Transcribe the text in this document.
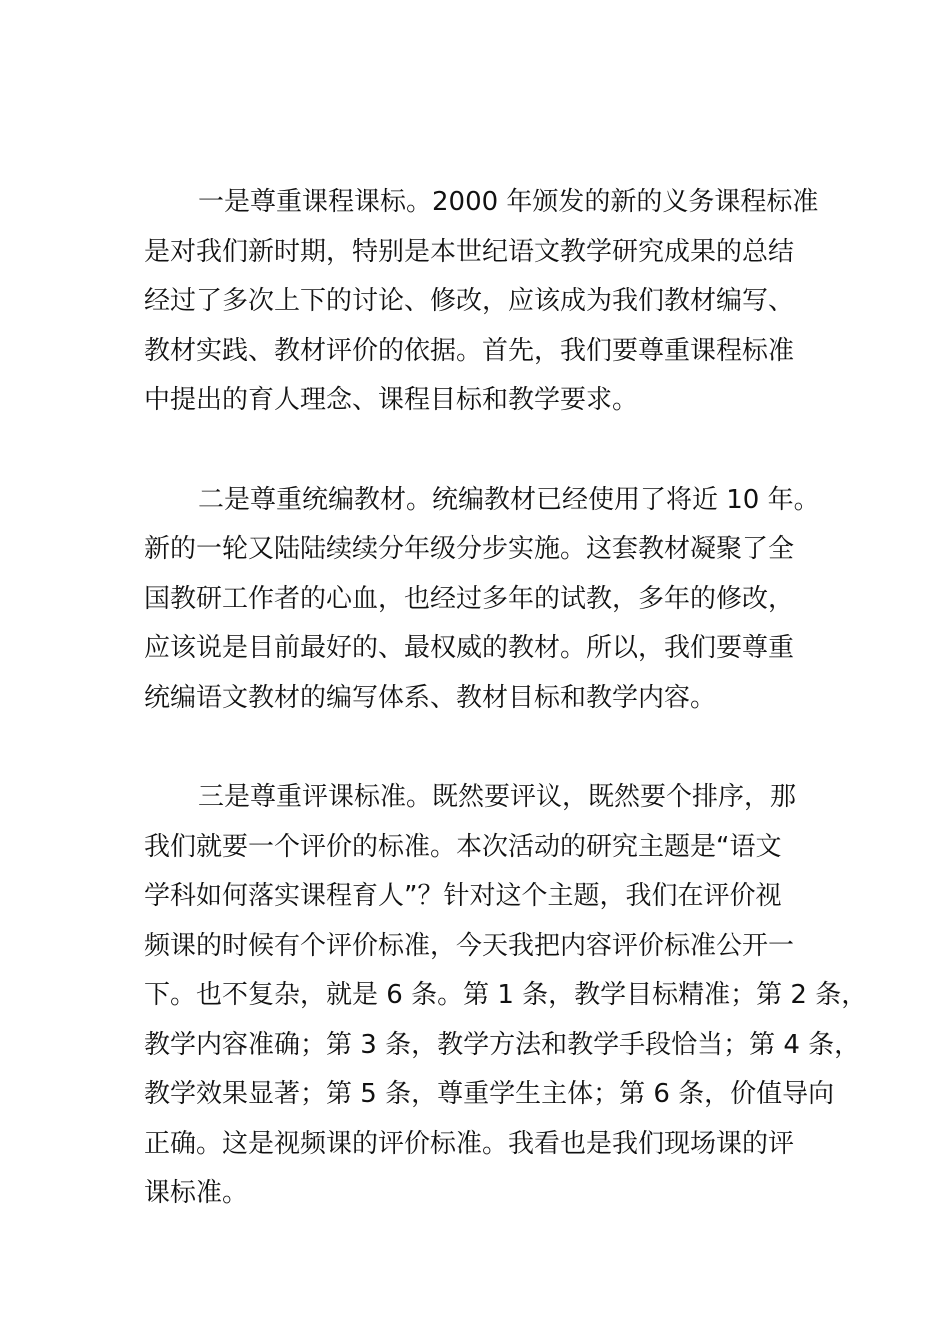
一是尊重课程课标。2000 年颁发的新的义务课程标准
是对我们新时期，特别是本世纪语文教学研究成果的总结
经过了多次上下的讨论、修改，应该成为我们教材编写、
教材实践、教材评价的依据。首先，我们要尊重课程标准
中提出的育人理念、课程目标和教学要求。
二是尊重统编教材。统编教材已经使用了将近 10 年。
新的一轮又陆陆续续分年级分步实施。这套教材凝聚了全
国教研工作者的心血，也经过多年的试教，多年的修改，
应该说是目前最好的、最权威的教材。所以，我们要尊重
统编语文教材的编写体系、教材目标和教学内容。
三是尊重评课标准。既然要评议，既然要个排序，那
我们就要一个评价的标准。本次活动的研究主题是“语文
学科如何落实课程育人”？针对这个主题，我们在评价视
频课的时候有个评价标准，今天我把内容评价标准公开一
下。也不复杂，就是 6 条。第 1 条，教学目标精准；第 2 条，
教学内容准确；第 3 条，教学方法和教学手段恰当；第 4 条，
教学效果显著；第 5 条，尊重学生主体；第 6 条，价值导向
正确。这是视频课的评价标准。我看也是我们现场课的评
课标准。
